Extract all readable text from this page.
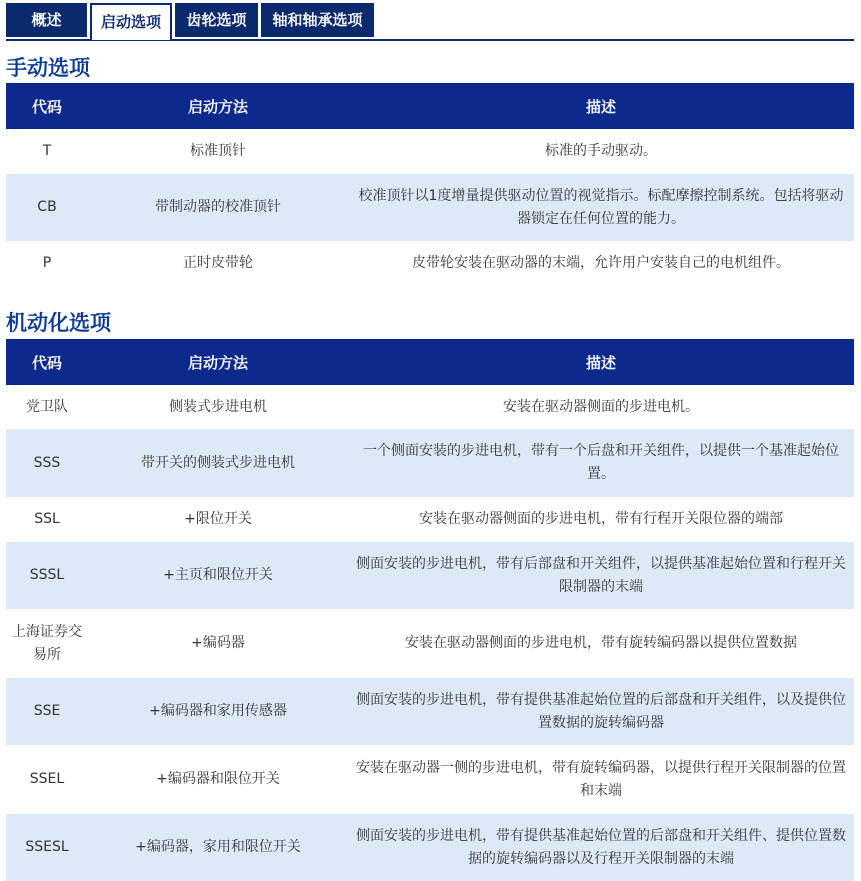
概述	启动选项	齿轮选项	轴和轴承选项
手动选项
代码	启动方法	描述
T	标准顶针	标准的手动驱动。
CB	带制动器的校准顶针	校准顶针以1度增量提供驱动位置的视觉指示。标配摩擦控制系统。包括将驱动器锁定在任何位置的能力。
P	正时皮带轮	皮带轮安装在驱动器的末端，允许用户安装自己的电机组件。
机动化选项
代码	启动方法	描述
党卫队	侧装式步进电机	安装在驱动器侧面的步进电机。
SSS	带开关的侧装式步进电机	一个侧面安装的步进电机，带有一个后盘和开关组件，以提供一个基准起始位置。
SSL	+限位开关	安装在驱动器侧面的步进电机，带有行程开关限位器的端部
SSSL	+主页和限位开关	侧面安装的步进电机，带有后部盘和开关组件，以提供基准起始位置和行程开关限制器的末端
上海证券交易所	+编码器	安装在驱动器侧面的步进电机，带有旋转编码器以提供位置数据
SSE	+编码器和家用传感器	侧面安装的步进电机，带有提供基准起始位置的后部盘和开关组件，以及提供位置数据的旋转编码器
SSEL	+编码器和限位开关	安装在驱动器一侧的步进电机，带有旋转编码器，以提供行程开关限制器的位置和末端
SSESL	+编码器，家用和限位开关	侧面安装的步进电机，带有提供基准起始位置的后部盘和开关组件、提供位置数据的旋转编码器以及行程开关限制器的末端
